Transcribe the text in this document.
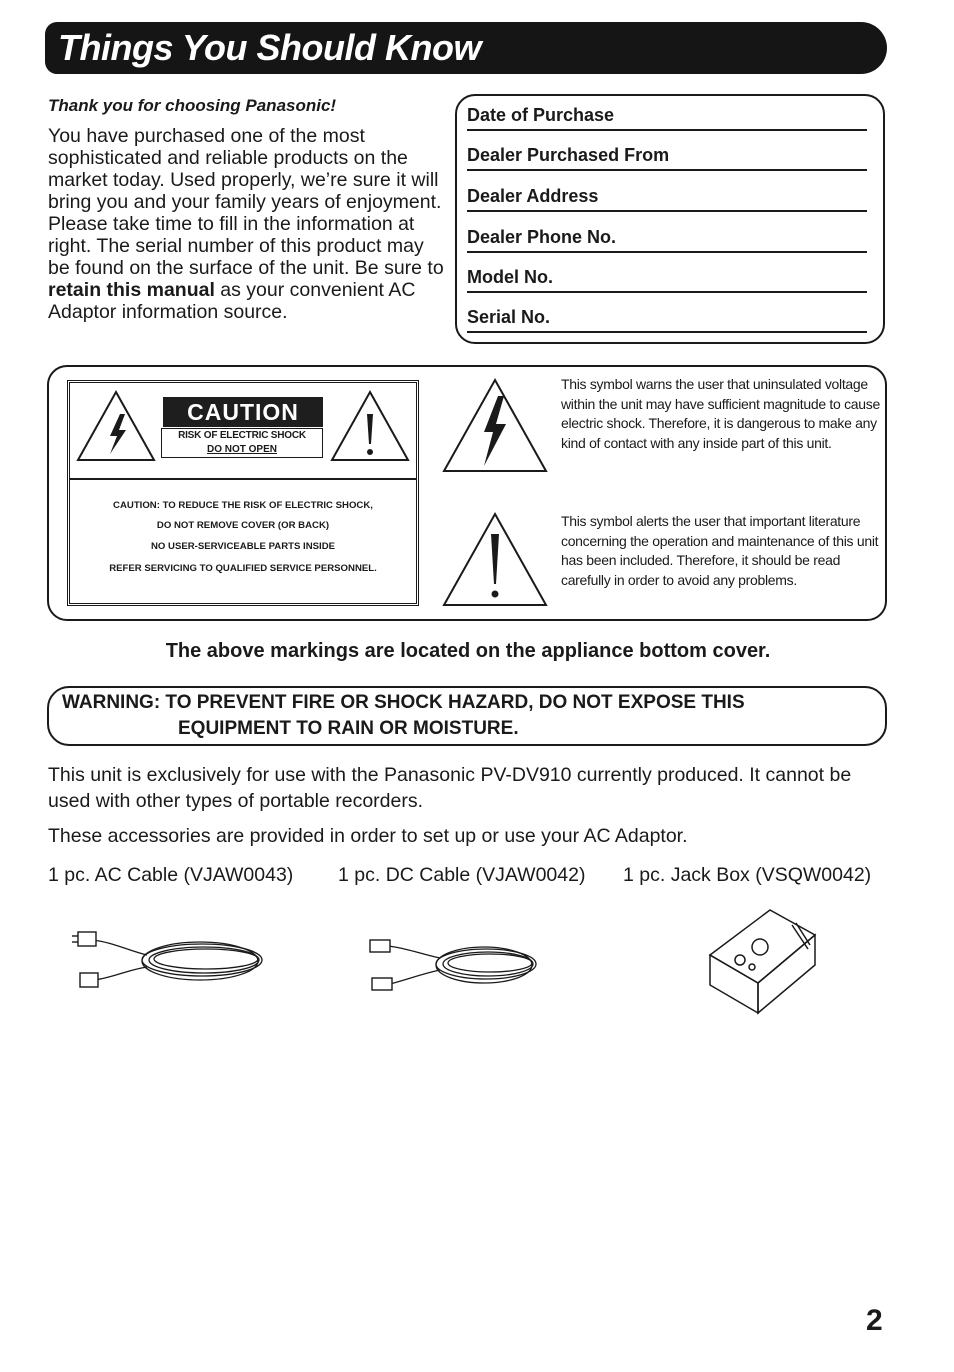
Things You Should Know
Thank you for choosing Panasonic!
You have purchased one of the most sophisticated and reliable products on the market today. Used properly, we’re sure it will bring you and your family years of enjoyment. Please take time to fill in the information at right. The serial number of this product may be found on the surface of the unit. Be sure to retain this manual as your convenient AC Adaptor information source.
Date of Purchase
Dealer Purchased From
Dealer Address
Dealer Phone No.
Model No.
Serial No.
CAUTION
RISK OF ELECTRIC SHOCK
DO NOT OPEN
CAUTION: TO REDUCE THE RISK OF ELECTRIC SHOCK,
DO NOT REMOVE COVER (OR BACK)
NO USER-SERVICEABLE PARTS INSIDE
REFER SERVICING TO QUALIFIED SERVICE PERSONNEL.
This symbol warns the user that uninsulated voltage within the unit may have sufficient magnitude to cause electric shock. Therefore, it is dangerous to make any kind of contact with any inside part of this unit.
This symbol alerts the user that important literature concerning the operation and maintenance of this unit has been included. Therefore, it should be read carefully in order to avoid any problems.
The above markings are located on the appliance bottom cover.
WARNING: TO PREVENT FIRE OR SHOCK HAZARD, DO NOT EXPOSE THIS
EQUIPMENT TO RAIN OR MOISTURE.
This unit is exclusively for use with the Panasonic PV-DV910 currently produced. It cannot be used with other types of portable recorders.
These accessories are provided in order to set up or use your AC Adaptor.
1 pc. AC Cable (VJAW0043) 1 pc. DC Cable (VJAW0042) 1 pc. Jack Box (VSQW0042)
2
